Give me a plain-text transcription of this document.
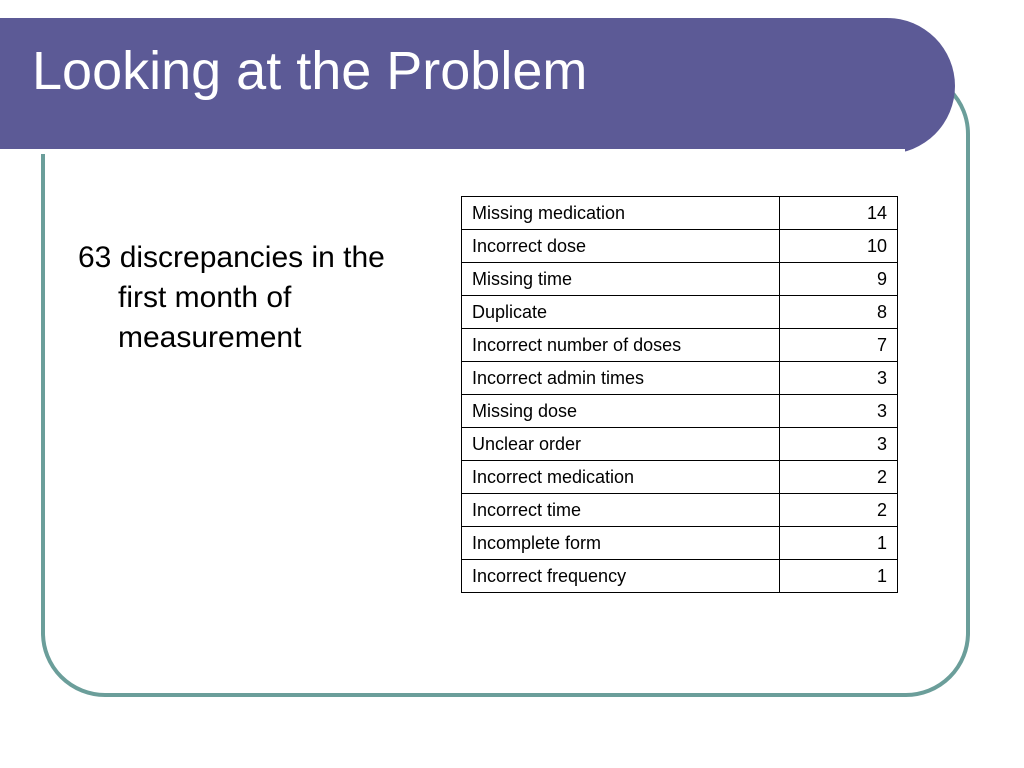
Looking at the Problem

63 discrepancies in the first month of measurement

Missing medication	14
Incorrect dose	10
Missing time	9
Duplicate	8
Incorrect number of doses	7
Incorrect admin times	3
Missing dose	3
Unclear order	3
Incorrect medication	2
Incorrect time	2
Incomplete form	1
Incorrect frequency	1
